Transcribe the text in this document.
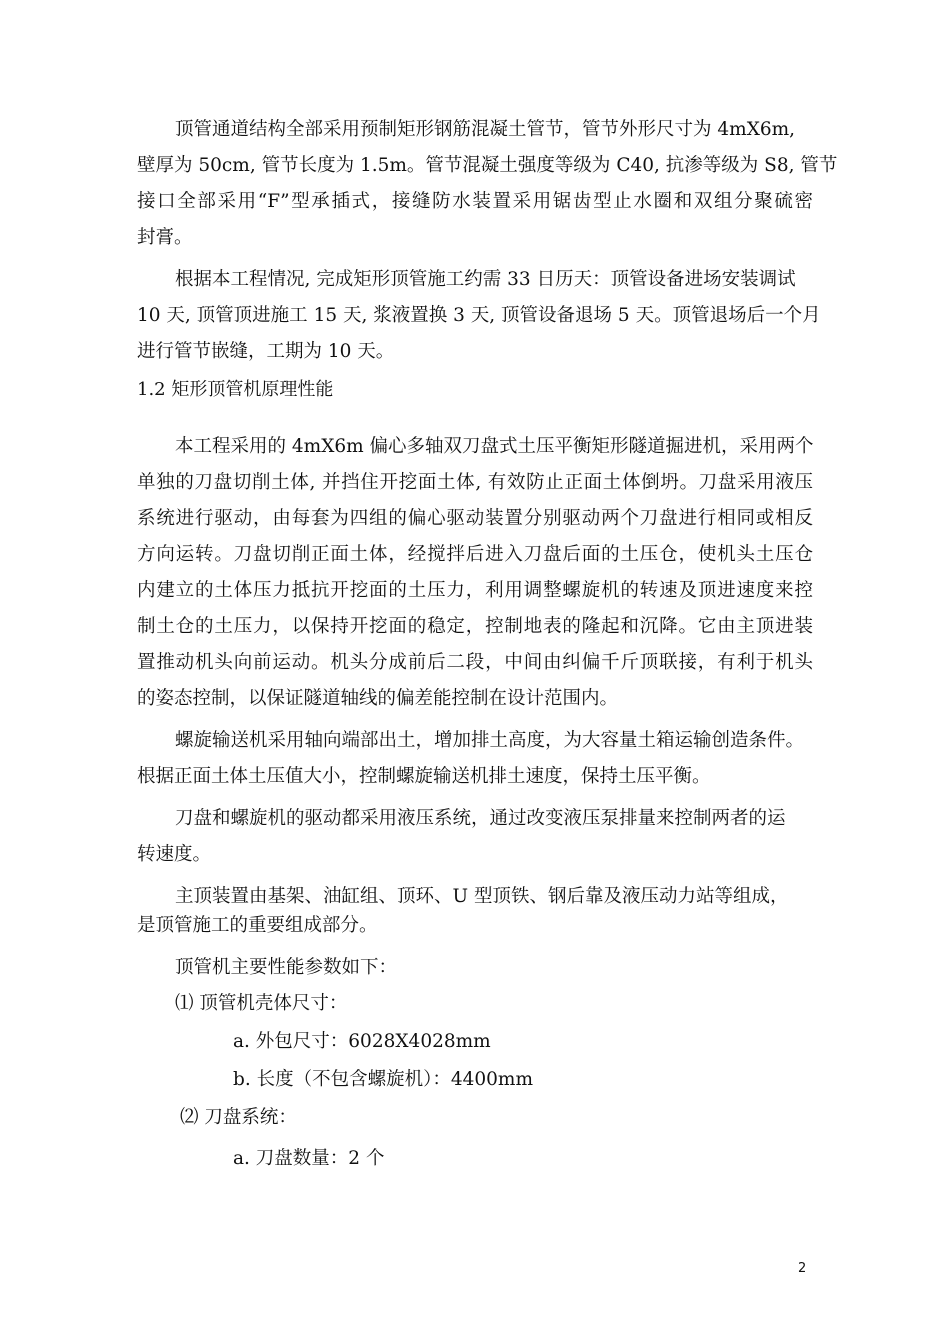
顶管通道结构全部采用预制矩形钢筋混凝土管节，管节外形尺寸为 4mX6m,
壁厚为 50cm, 管节长度为 1.5m。管节混凝土强度等级为 C40, 抗渗等级为 S8, 管节
接口全部采用“F”型承插式，接缝防水装置采用锯齿型止水圈和双组分聚硫密
封膏。
根据本工程情况, 完成矩形顶管施工约需 33 日历天：顶管设备进场安装调试
10 天, 顶管顶进施工 15 天, 浆液置换 3 天, 顶管设备退场 5 天。顶管退场后一个月
进行管节嵌缝，工期为 10 天。
1.2 矩形顶管机原理性能
本工程采用的 4mX6m 偏心多轴双刀盘式土压平衡矩形隧道掘进机，采用两个
单独的刀盘切削土体, 并挡住开挖面土体, 有效防止正面土体倒坍。刀盘采用液压
系统进行驱动，由每套为四组的偏心驱动装置分别驱动两个刀盘进行相同或相反
方向运转。刀盘切削正面土体，经搅拌后进入刀盘后面的土压仓，使机头土压仓
内建立的土体压力抵抗开挖面的土压力，利用调整螺旋机的转速及顶进速度来控
制土仓的土压力，以保持开挖面的稳定，控制地表的隆起和沉降。它由主顶进装
置推动机头向前运动。机头分成前后二段，中间由纠偏千斤顶联接，有利于机头
的姿态控制，以保证隧道轴线的偏差能控制在设计范围内。
螺旋输送机采用轴向端部出土，增加排土高度，为大容量土箱运输创造条件。
根据正面土体土压值大小，控制螺旋输送机排土速度，保持土压平衡。
刀盘和螺旋机的驱动都采用液压系统，通过改变液压泵排量来控制两者的运
转速度。
主顶装置由基架、油缸组、顶环、U 型顶铁、钢后靠及液压动力站等组成，
是顶管施工的重要组成部分。
顶管机主要性能参数如下：
⑴ 顶管机壳体尺寸：
a. 外包尺寸：6028X4028mm
b. 长度（不包含螺旋机）：4400mm
⑵ 刀盘系统：
a. 刀盘数量：2 个
2
